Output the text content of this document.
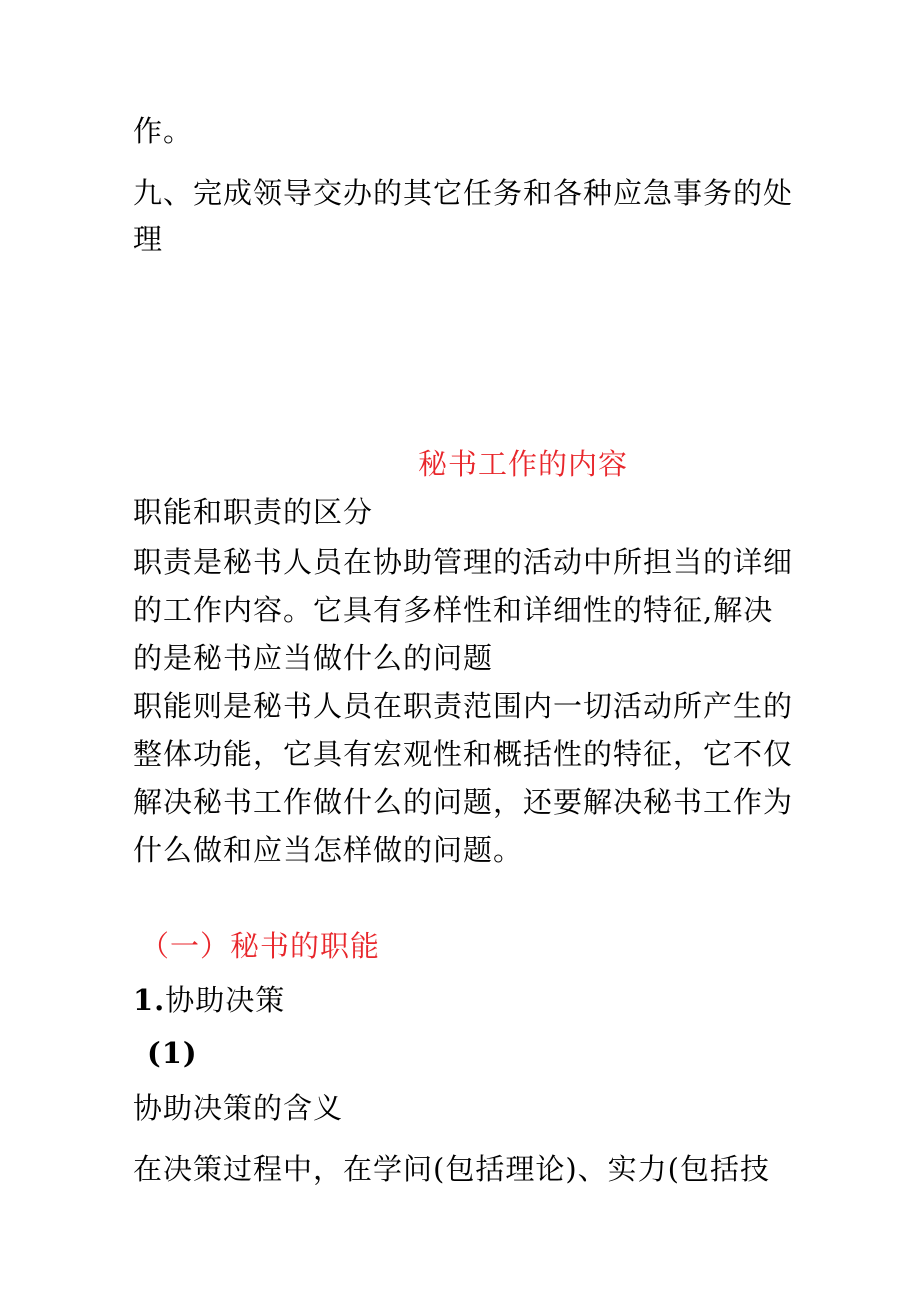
作。
九、完成领导交办的其它任务和各种应急事务的处
理
秘书工作的内容
职能和职责的区分
职责是秘书人员在协助管理的活动中所担当的详细
的工作内容。它具有多样性和详细性的特征,解决
的是秘书应当做什么的问题
职能则是秘书人员在职责范围内一切活动所产生的
整体功能，它具有宏观性和概括性的特征，它不仅
解决秘书工作做什么的问题，还要解决秘书工作为
什么做和应当怎样做的问题。
（一）秘书的职能
1.协助决策
(1)
协助决策的含义
在决策过程中，在学问(包括理论)、实力(包括技
